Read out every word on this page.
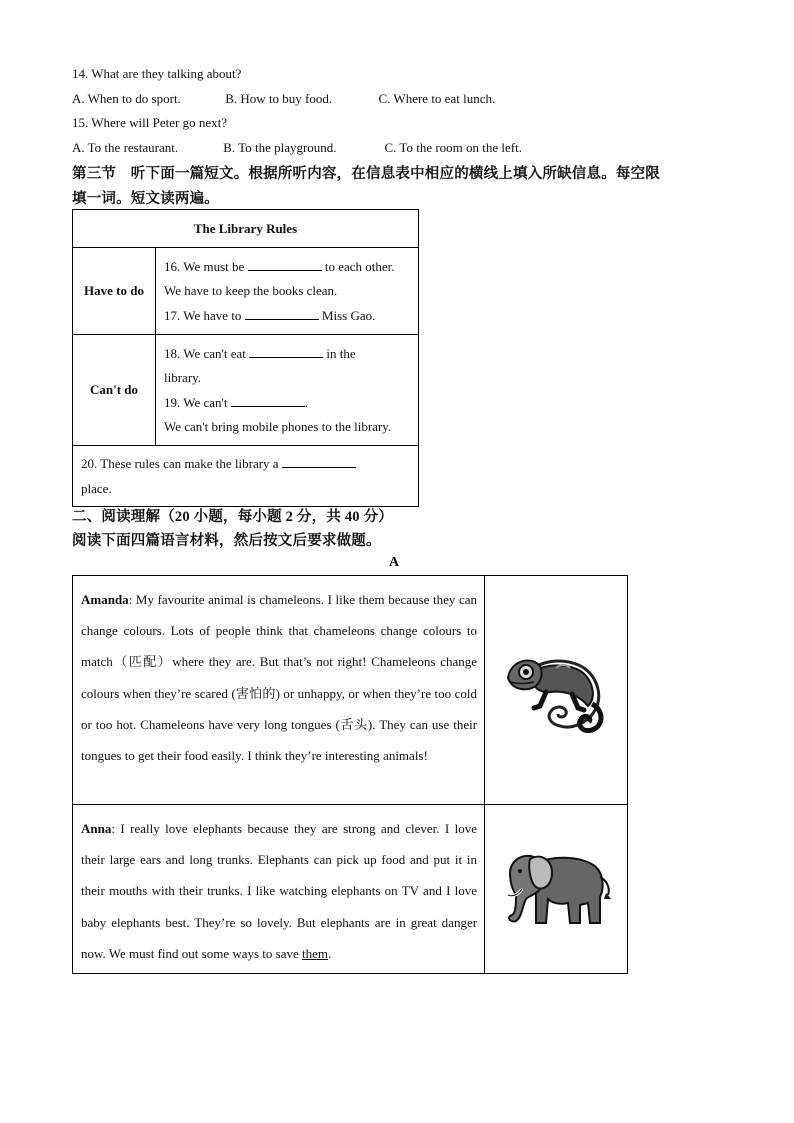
14. What are they talking about?
A. When to do sport.	B. How to buy food.	C. Where to eat lunch.
15. Where will Peter go next?
A. To the restaurant.	B. To the playground.	C. To the room on the left.
第三节　听下面一篇短文。根据所听内容，在信息表中相应的横线上填入所缺信息。每空限
填一词。短文读两遍。
The Library Rules	
Have to do	16. We must be to each other.
We have to keep the books clean.
17. We have to Miss Gao.

Can't do	18. We can't eat in the library.
19. We can't .
We can't bring mobile phones to the library.

20. These rules can make the library a  place.	
二、阅读理解（20 小题，每小题 2 分，共 40 分）
阅读下面四篇语言材料，然后按文后要求做题。
A
Amanda: My favourite animal is chameleons. I like them because they can change colours. Lots of people think that chameleons change colours to match（匹配）where they are. But that’s not right! Chameleons change colours when they’re scared (害怕的) or unhappy, or when they’re too cold or too hot. Chameleons have very long tongues (舌头). They can use their tongues to get their food easily. I think they’re interesting animals!	
Anna: I really love elephants because they are strong and clever. I love their large ears and long trunks. Elephants can pick up food and put it in their mouths with their trunks. I like watching elephants on TV and I love baby elephants best. They’re so lovely. But elephants are in great danger now. We must find out some ways to save them.	
